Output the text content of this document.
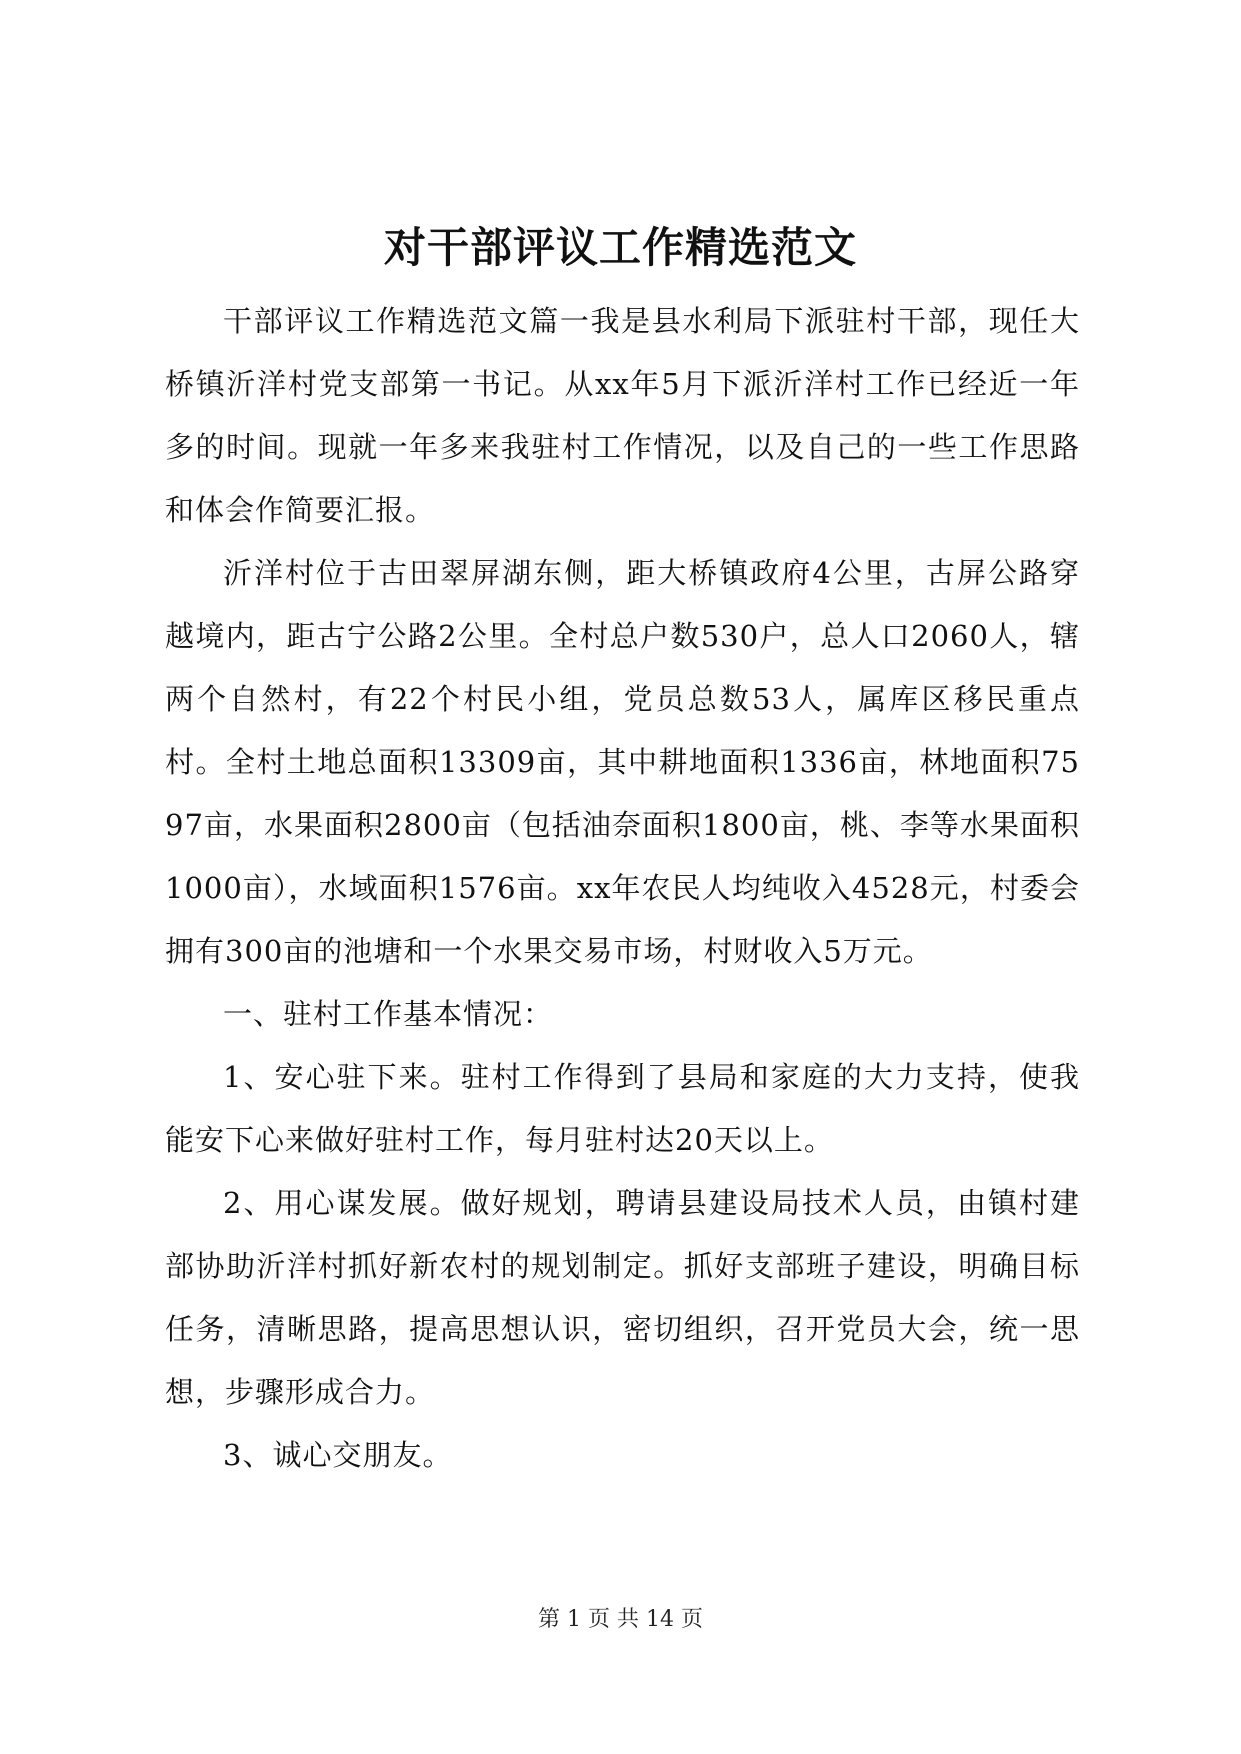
对干部评议工作精选范文

干部评议工作精选范文篇一我是县水利局下派驻村干部，现任大桥镇沂洋村党支部第一书记。从xx年5月下派沂洋村工作已经近一年多的时间。现就一年多来我驻村工作情况，以及自己的一些工作思路和体会作简要汇报。

沂洋村位于古田翠屏湖东侧，距大桥镇政府4公里，古屏公路穿越境内，距古宁公路2公里。全村总户数530户，总人口2060人，辖两个自然村，有22个村民小组，党员总数53人，属库区移民重点村。全村土地总面积13309亩，其中耕地面积1336亩，林地面积7597亩，水果面积2800亩（包括油奈面积1800亩，桃、李等水果面积1000亩），水域面积1576亩。xx年农民人均纯收入4528元，村委会拥有300亩的池塘和一个水果交易市场，村财收入5万元。

一、驻村工作基本情况：

1、安心驻下来。驻村工作得到了县局和家庭的大力支持，使我能安下心来做好驻村工作，每月驻村达20天以上。

2、用心谋发展。做好规划，聘请县建设局技术人员，由镇村建部协助沂洋村抓好新农村的规划制定。抓好支部班子建设，明确目标任务，清晰思路，提高思想认识，密切组织，召开党员大会，统一思想，步骤形成合力。

3、诚心交朋友。

第 1 页 共 14 页
